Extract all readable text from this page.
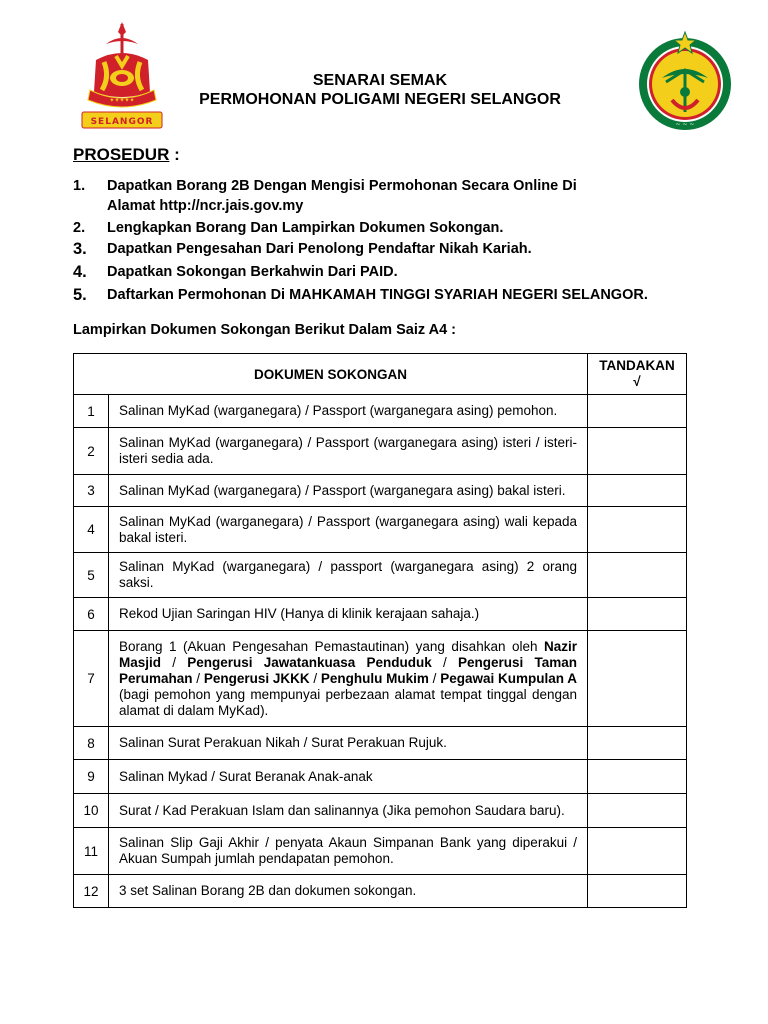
✦✦✦✦✦
SELANGOR	~ ~ ~
SENARAI SEMAK
PERMOHONAN POLIGAMI NEGERI SELANGOR
PROSEDUR :
1. Dapatkan Borang 2B Dengan Mengisi Permohonan Secara Online Di
Alamat http://ncr.jais.gov.my
2. Lengkapkan Borang Dan Lampirkan Dokumen Sokongan.
3. Dapatkan Pengesahan Dari Penolong Pendaftar Nikah Kariah.
4. Dapatkan Sokongan Berkahwin Dari PAID.
5. Daftarkan Permohonan Di MAHKAMAH TINGGI SYARIAH NEGERI SELANGOR.
Lampirkan Dokumen Sokongan Berikut Dalam Saiz A4 :
DOKUMEN SOKONGAN		TANDAKAN
√

1	Salinan MyKad (warganegara) / Passport (warganegara asing) pemohon.	
2	Salinan MyKad (warganegara) / Passport (warganegara asing) isteri / isteri-isteri sedia ada.	
3	Salinan MyKad (warganegara) / Passport (warganegara asing) bakal isteri.	
4	Salinan MyKad (warganegara) / Passport (warganegara asing) wali kepada bakal isteri.	
5	Salinan MyKad (warganegara) / passport (warganegara asing) 2 orang saksi.	
6	Rekod Ujian Saringan HIV (Hanya di klinik kerajaan sahaja.)	
7	Borang 1 (Akuan Pengesahan Pemastautinan) yang disahkan oleh Nazir Masjid / Pengerusi Jawatankuasa Penduduk / Pengerusi Taman Perumahan / Pengerusi JKKK / Penghulu Mukim / Pegawai Kumpulan A (bagi pemohon yang mempunyai perbezaan alamat tempat tinggal dengan alamat di dalam MyKad).	
8	Salinan Surat Perakuan Nikah / Surat Perakuan Rujuk.	
9	Salinan Mykad / Surat Beranak Anak-anak	
10	Surat / Kad Perakuan Islam dan salinannya (Jika pemohon Saudara baru).	
11	Salinan Slip Gaji Akhir / penyata Akaun Simpanan Bank yang diperakui / Akuan Sumpah jumlah pendapatan pemohon.	
12	3 set Salinan Borang 2B dan dokumen sokongan.	
